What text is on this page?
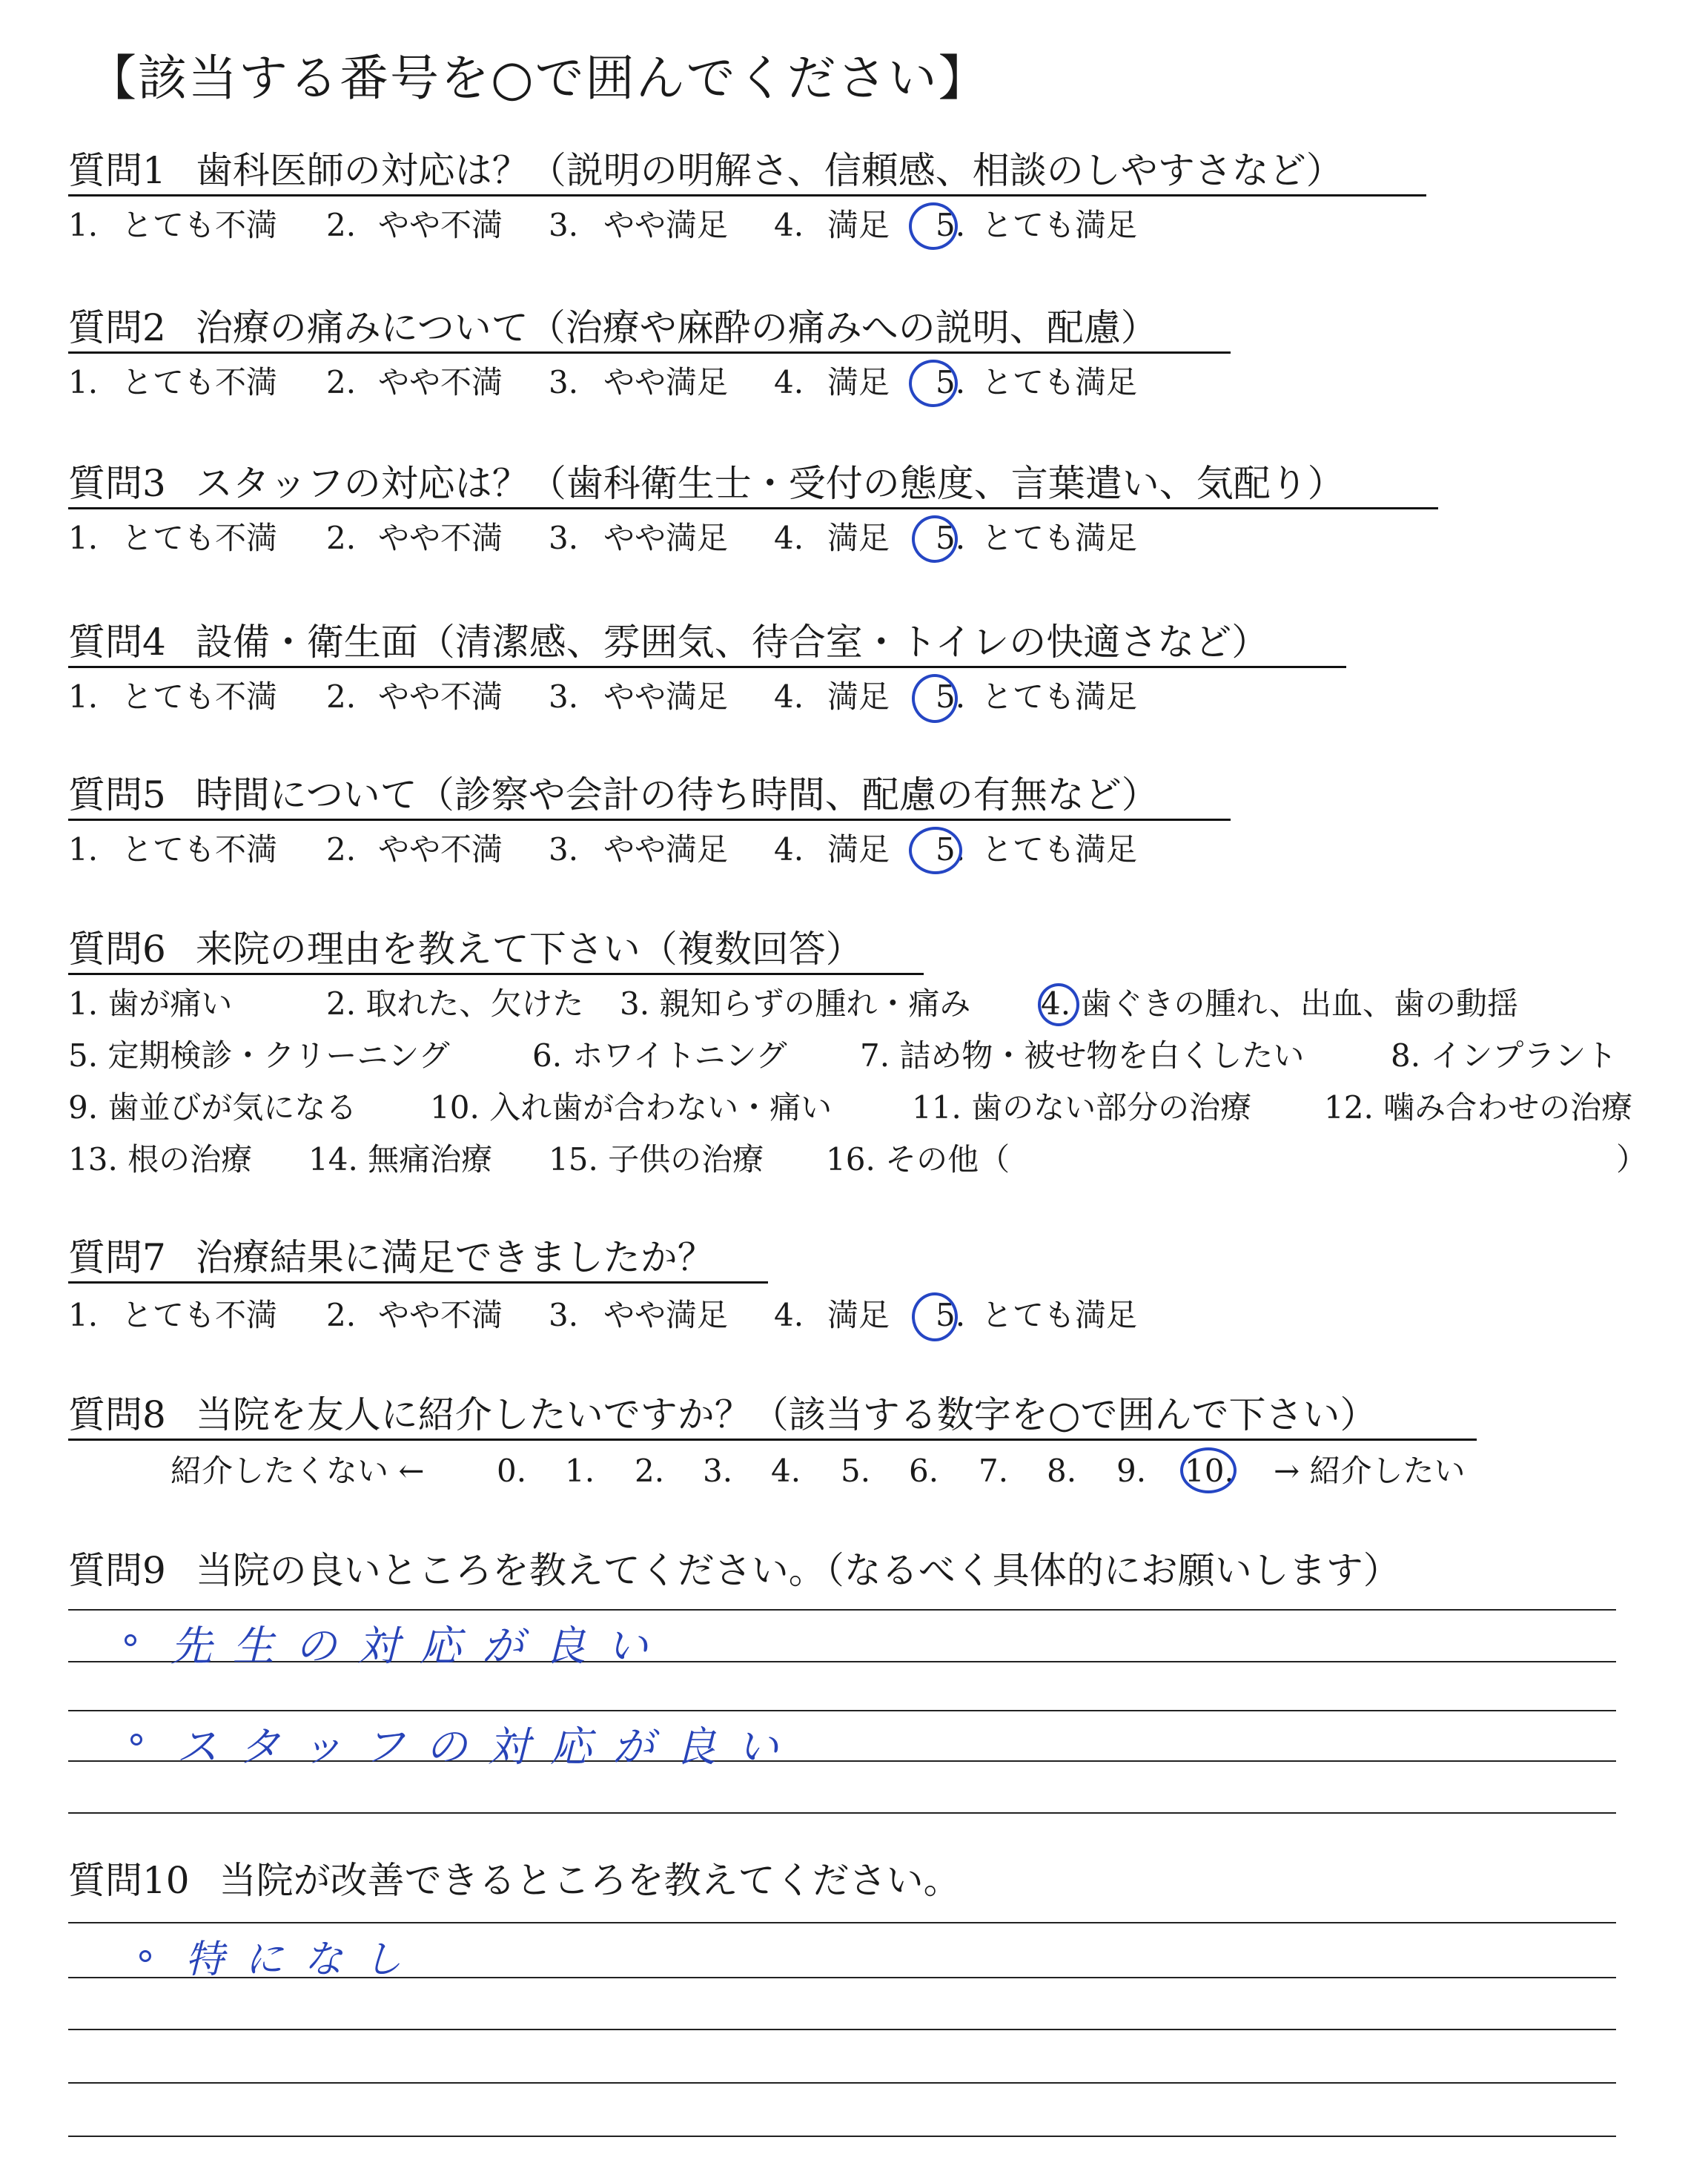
【該当する番号を○で囲んでください】
質問1 歯科医師の対応は？（説明の明解さ、信頼感、相談のしやすさなど）
1. とても不満 2. やや不満 3. やや満足 4. 満足 5. とても満足
質問2 治療の痛みについて（治療や麻酔の痛みへの説明、配慮）
1. とても不満 2. やや不満 3. やや満足 4. 満足 5. とても満足
質問3 スタッフの対応は？（歯科衛生士・受付の態度、言葉遣い、気配り）
1. とても不満 2. やや不満 3. やや満足 4. 満足 5. とても満足
質問4 設備・衛生面（清潔感、雰囲気、待合室・トイレの快適さなど）
1. とても不満 2. やや不満 3. やや満足 4. 満足 5. とても満足
質問5 時間について（診察や会計の待ち時間、配慮の有無など）
1. とても不満 2. やや不満 3. やや満足 4. 満足 5. とても満足
質問6 来院の理由を教えて下さい（複数回答）
1. 歯が痛い	2. 取れた、欠けた 3. 親知らずの腫れ・痛み 4. 歯ぐきの腫れ、出血、歯の動揺
5. 定期検診・クリーニング	6. ホワイトニング 7. 詰め物・被せ物を白くしたい	8. インプラント
9. 歯並びが気になる 10. 入れ歯が合わない・痛い	11. 歯のない部分の治療 12. 噛み合わせの治療
13. 根の治療 14. 無痛治療 15. 子供の治療 16. その他（	）
質問7 治療結果に満足できましたか？
1. とても不満 2. やや不満 3. やや満足 4. 満足 5. とても満足
質問8 当院を友人に紹介したいですか？（該当する数字を○で囲んで下さい）
紹介したくない ← 0. 1. 2. 3. 4. 5. 6. 7. 8. 9. 10. → 紹介したい
質問9 当院の良いところを教えてください。（なるべく具体的にお願いします）
先生の対応が良い
スタッフの対応が良い
質問10 当院が改善できるところを教えてください。
特になし
